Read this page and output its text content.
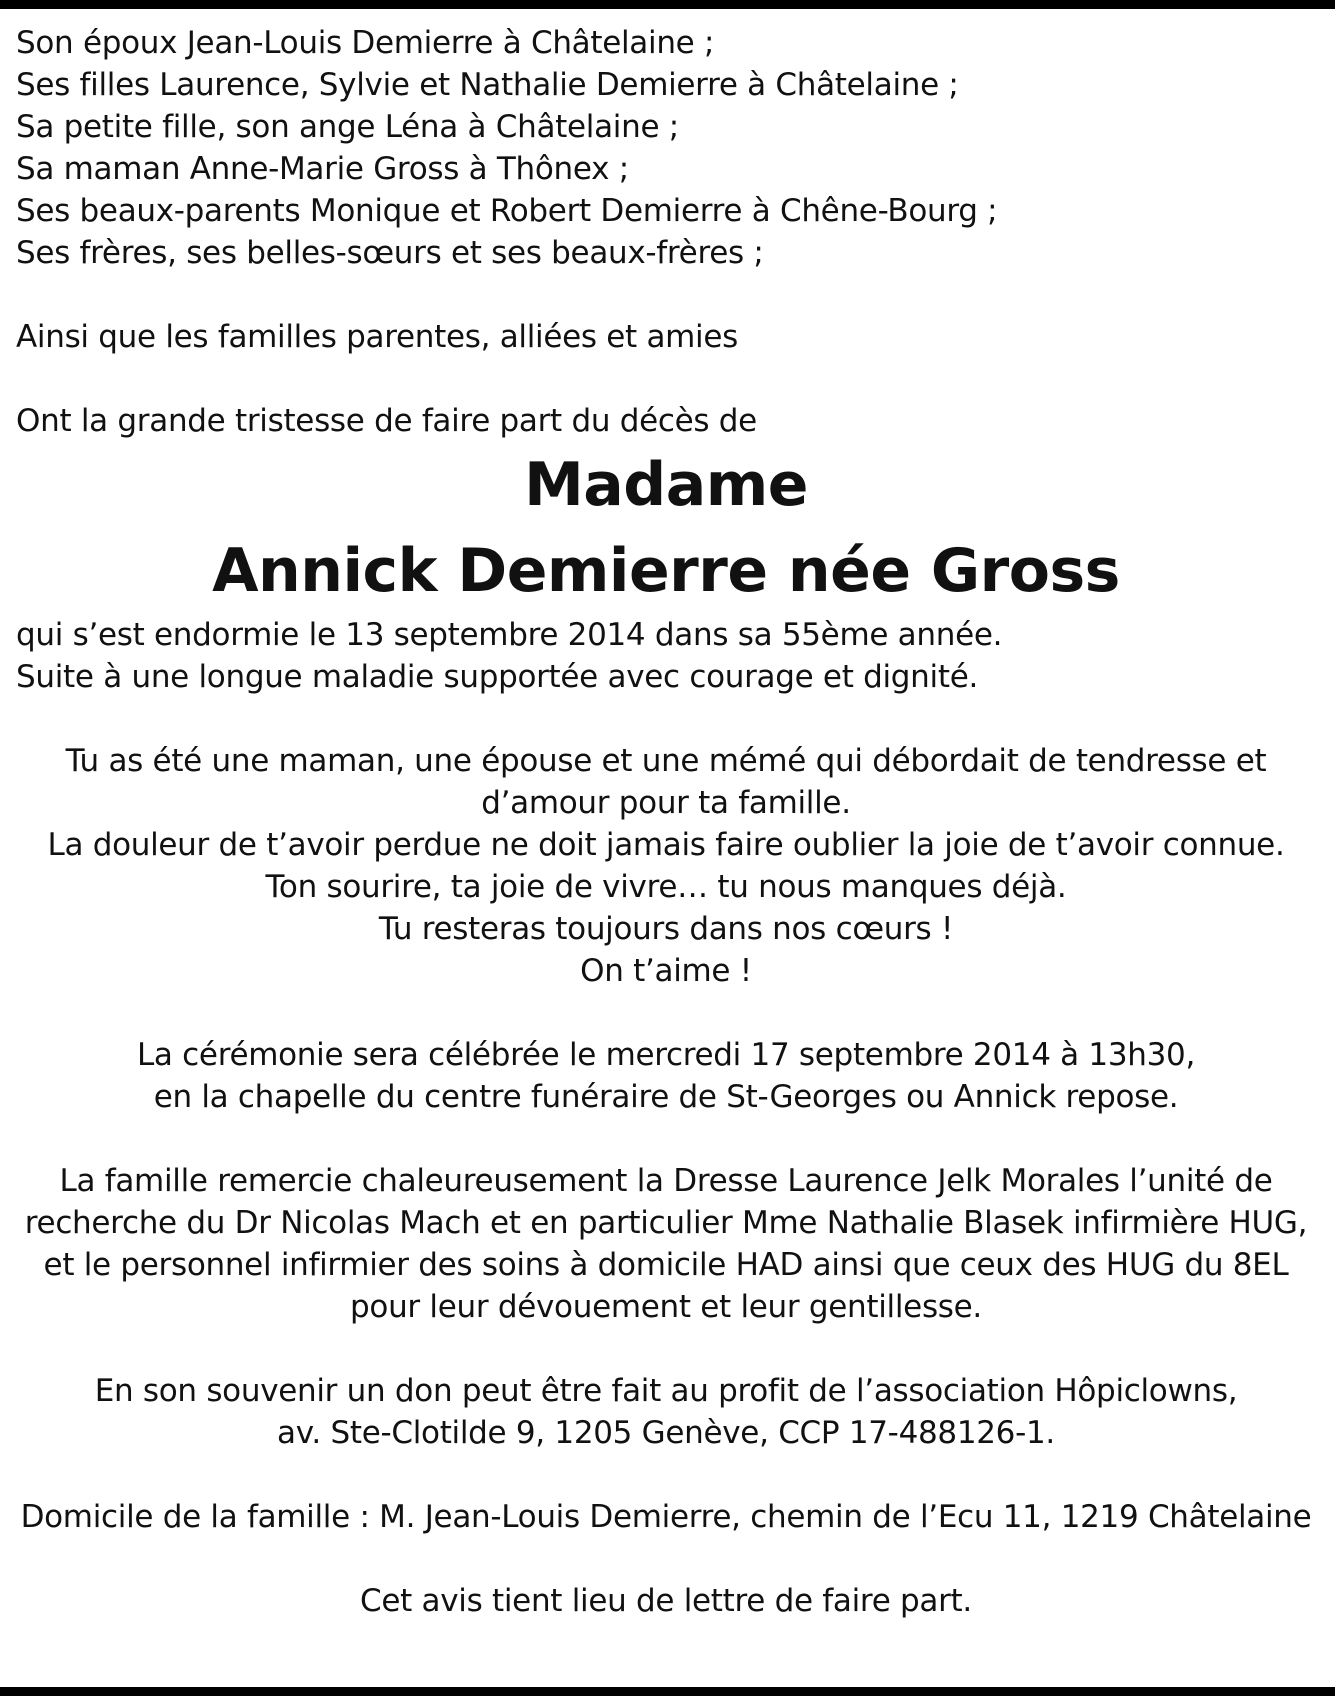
Son époux Jean-Louis Demierre à Châtelaine ;
Ses filles Laurence, Sylvie et Nathalie Demierre à Châtelaine ;
Sa petite fille, son ange Léna à Châtelaine ;
Sa maman Anne-Marie Gross à Thônex ;
Ses beaux-parents Monique et Robert Demierre à Chêne-Bourg ;
Ses frères, ses belles-sœurs et ses beaux-frères ;
Ainsi que les familles parentes, alliées et amies
Ont la grande tristesse de faire part du décès de
Madame
Annick Demierre née Gross
qui s’est endormie le 13 septembre 2014 dans sa 55ème année.
Suite à une longue maladie supportée avec courage et dignité.
Tu as été une maman, une épouse et une mémé qui débordait de tendresse et
d’amour pour ta famille.
La douleur de t’avoir perdue ne doit jamais faire oublier la joie de t’avoir connue.
Ton sourire, ta joie de vivre… tu nous manques déjà.
Tu resteras toujours dans nos cœurs !
On t’aime !
La cérémonie sera célébrée le mercredi 17 septembre 2014 à 13h30,
en la chapelle du centre funéraire de St-Georges ou Annick repose.
La famille remercie chaleureusement la Dresse Laurence Jelk Morales l’unité de
recherche du Dr Nicolas Mach et en particulier Mme Nathalie Blasek infirmière HUG,
et le personnel infirmier des soins à domicile HAD ainsi que ceux des HUG du 8EL
pour leur dévouement et leur gentillesse.
En son souvenir un don peut être fait au profit de l’association Hôpiclowns,
av. Ste-Clotilde 9, 1205 Genève, CCP 17-488126-1.
Domicile de la famille : M. Jean-Louis Demierre, chemin de l’Ecu 11, 1219 Châtelaine
Cet avis tient lieu de lettre de faire part.
